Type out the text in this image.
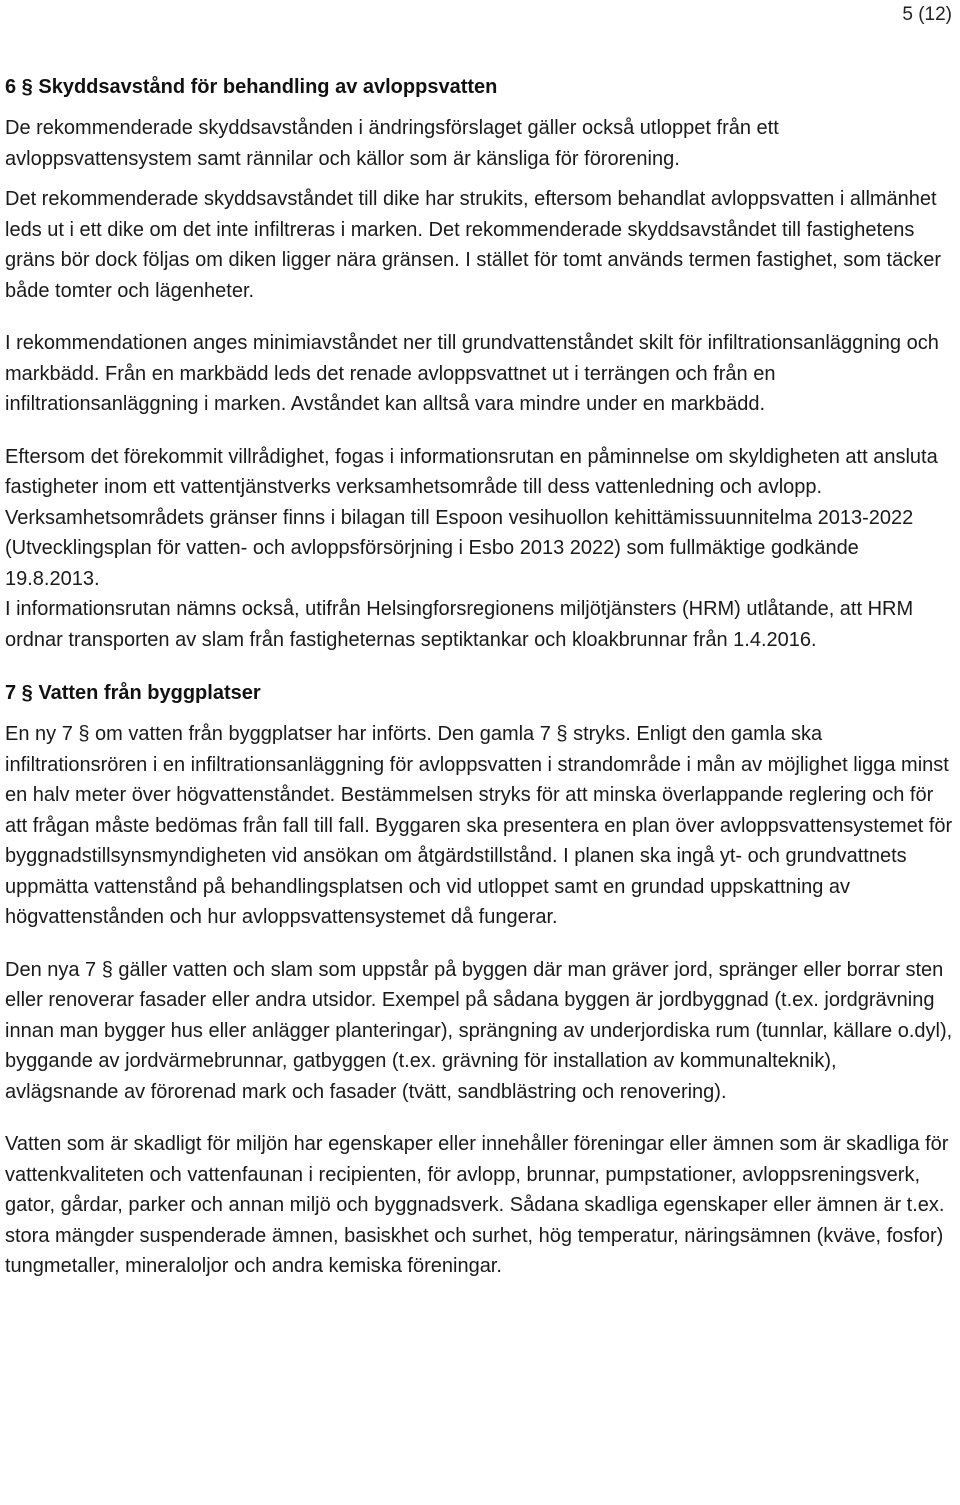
5 (12)
6 § Skyddsavstånd för behandling av avloppsvatten

De rekommenderade skyddsavstånden i ändringsförslaget gäller också utloppet från ett avloppsvattensystem samt rännilar och källor som är känsliga för förorening.

Det rekommenderade skyddsavståndet till dike har strukits, eftersom behandlat avloppsvatten i allmänhet leds ut i ett dike om det inte infiltreras i marken. Det rekommenderade skyddsavståndet till fastighetens gräns bör dock följas om diken ligger nära gränsen. I stället för tomt används termen fastighet, som täcker både tomter och lägenheter.

I rekommendationen anges minimiavståndet ner till grundvattenståndet skilt för infiltrationsanläggning och markbädd. Från en markbädd leds det renade avloppsvattnet ut i terrängen och från en infiltrationsanläggning i marken. Avståndet kan alltså vara mindre under en markbädd.

Eftersom det förekommit villrådighet, fogas i informationsrutan en påminnelse om skyldigheten att ansluta fastigheter inom ett vattentjänstverks verksamhetsområde till dess vattenledning och avlopp. Verksamhetsområdets gränser finns i bilagan till Espoon vesihuollon kehittämissuunnitelma 2013-2022 (Utvecklingsplan för vatten- och avloppsförsörjning i Esbo 2013 2022) som fullmäktige godkände 19.8.2013.

I informationsrutan nämns också, utifrån Helsingforsregionens miljötjänsters (HRM) utlåtande, att HRM ordnar transporten av slam från fastigheternas septiktankar och kloakbrunnar från 1.4.2016.

7 § Vatten från byggplatser

En ny 7 § om vatten från byggplatser har införts. Den gamla 7 § stryks. Enligt den gamla ska infiltrationsrören i en infiltrationsanläggning för avloppsvatten i strandområde i mån av möjlighet ligga minst en halv meter över högvattenståndet. Bestämmelsen stryks för att minska överlappande reglering och för att frågan måste bedömas från fall till fall. Byggaren ska presentera en plan över avloppsvattensystemet för byggnadstillsynsmyndigheten vid ansökan om åtgärdstillstånd. I planen ska ingå yt- och grundvattnets uppmätta vattenstånd på behandlingsplatsen och vid utloppet samt en grundad uppskattning av högvattenstånden och hur avloppsvattensystemet då fungerar.

Den nya 7 § gäller vatten och slam som uppstår på byggen där man gräver jord, spränger eller borrar sten eller renoverar fasader eller andra utsidor. Exempel på sådana byggen är jordbyggnad (t.ex. jordgrävning innan man bygger hus eller anlägger planteringar), sprängning av underjordiska rum (tunnlar, källare o.dyl), byggande av jordvärmebrunnar, gatbyggen (t.ex. grävning för installation av kommunalteknik), avlägsnande av förorenad mark och fasader (tvätt, sandblästring och renovering).

Vatten som är skadligt för miljön har egenskaper eller innehåller föreningar eller ämnen som är skadliga för vattenkvaliteten och vattenfaunan i recipienten, för avlopp, brunnar, pumpstationer, avloppsreningsverk, gator, gårdar, parker och annan miljö och byggnadsverk. Sådana skadliga egenskaper eller ämnen är t.ex. stora mängder suspenderade ämnen, basiskhet och surhet, hög temperatur, näringsämnen (kväve, fosfor) tungmetaller, mineraloljor och andra kemiska föreningar.
